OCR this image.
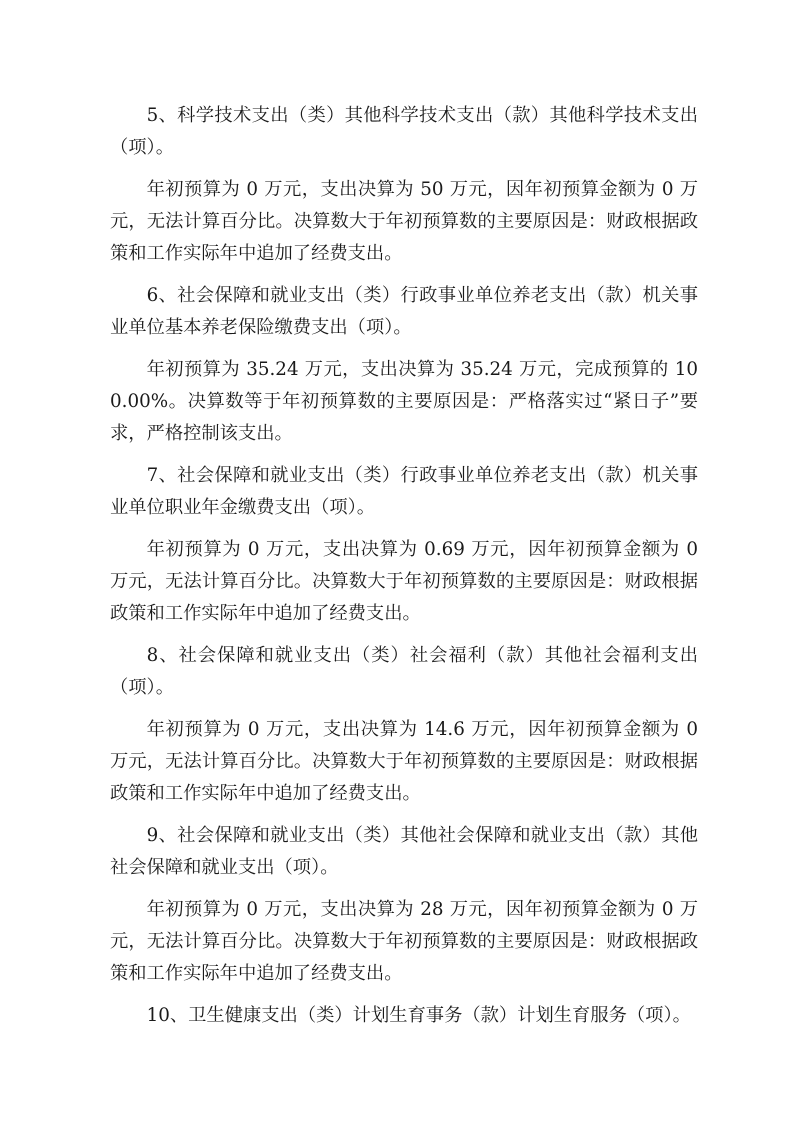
5、科学技术支出（类）其他科学技术支出（款）其他科学技术支出（项）。

年初预算为 0 万元，支出决算为 50 万元，因年初预算金额为 0 万元，无法计算百分比。决算数大于年初预算数的主要原因是：财政根据政策和工作实际年中追加了经费支出。

6、社会保障和就业支出（类）行政事业单位养老支出（款）机关事业单位基本养老保险缴费支出（项）。

年初预算为 35.24 万元，支出决算为 35.24 万元，完成预算的 100.00%。决算数等于年初预算数的主要原因是：严格落实过“紧日子”要求，严格控制该支出。

7、社会保障和就业支出（类）行政事业单位养老支出（款）机关事业单位职业年金缴费支出（项）。

年初预算为 0 万元，支出决算为 0.69 万元，因年初预算金额为 0 万元，无法计算百分比。决算数大于年初预算数的主要原因是：财政根据政策和工作实际年中追加了经费支出。

8、社会保障和就业支出（类）社会福利（款）其他社会福利支出（项）。

年初预算为 0 万元，支出决算为 14.6 万元，因年初预算金额为 0 万元，无法计算百分比。决算数大于年初预算数的主要原因是：财政根据政策和工作实际年中追加了经费支出。

9、社会保障和就业支出（类）其他社会保障和就业支出（款）其他社会保障和就业支出（项）。

年初预算为 0 万元，支出决算为 28 万元，因年初预算金额为 0 万元，无法计算百分比。决算数大于年初预算数的主要原因是：财政根据政策和工作实际年中追加了经费支出。

10、卫生健康支出（类）计划生育事务（款）计划生育服务（项）。
